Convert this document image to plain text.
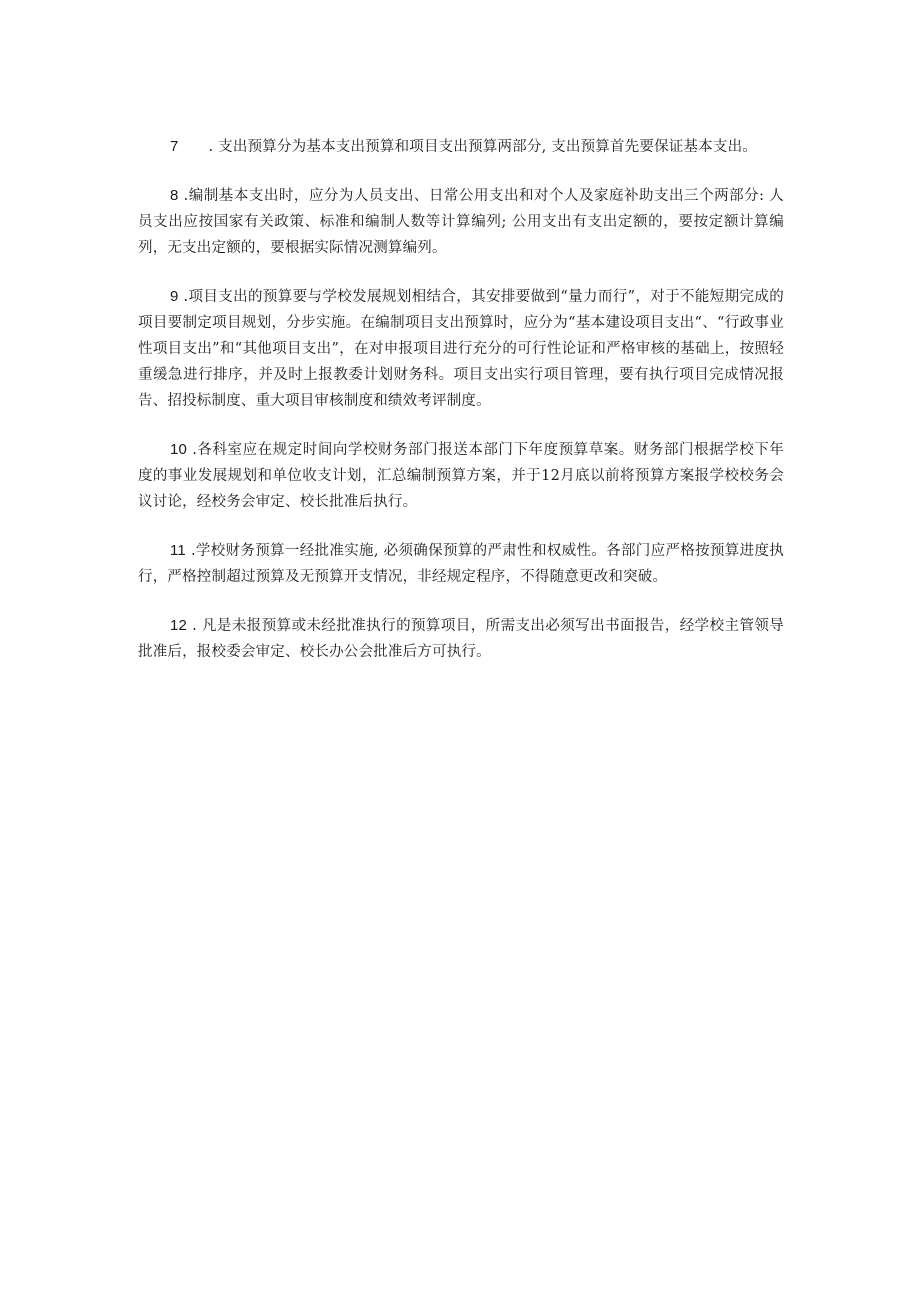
7 . 支出预算分为基本支出预算和项目支出预算两部分, 支出预算首先要保证基本支出。

8 .编制基本支出时，应分为人员支出、日常公用支出和对个人及家庭补助支出三个两部分: 人员支出应按国家有关政策、标准和编制人数等计算编列; 公用支出有支出定额的，要按定额计算编列，无支出定额的，要根据实际情况测算编列。

9 .项目支出的预算要与学校发展规划相结合，其安排要做到“量力而行”，对于不能短期完成的项目要制定项目规划，分步实施。在编制项目支出预算时，应分为“基本建设项目支出“、“行政事业性项目支出”和“其他项目支出”，在对申报项目进行充分的可行性论证和严格审核的基础上，按照轻重缓急进行排序，并及时上报教委计划财务科。项目支出实行项目管理，要有执行项目完成情况报告、招投标制度、重大项目审核制度和绩效考评制度。

10 .各科室应在规定时间向学校财务部门报送本部门下年度预算草案。财务部门根据学校下年度的事业发展规划和单位收支计划，汇总编制预算方案，并于12月底以前将预算方案报学校校务会议讨论，经校务会审定、校长批准后执行。

11 .学校财务预算一经批准实施, 必须确保预算的严肃性和权威性。各部门应严格按预算进度执行，严格控制超过预算及无预算开支情况，非经规定程序，不得随意更改和突破。

12 . 凡是未报预算或未经批准执行的预算项目，所需支出必须写出书面报告，经学校主管领导批准后，报校委会审定、校长办公会批准后方可执行。
